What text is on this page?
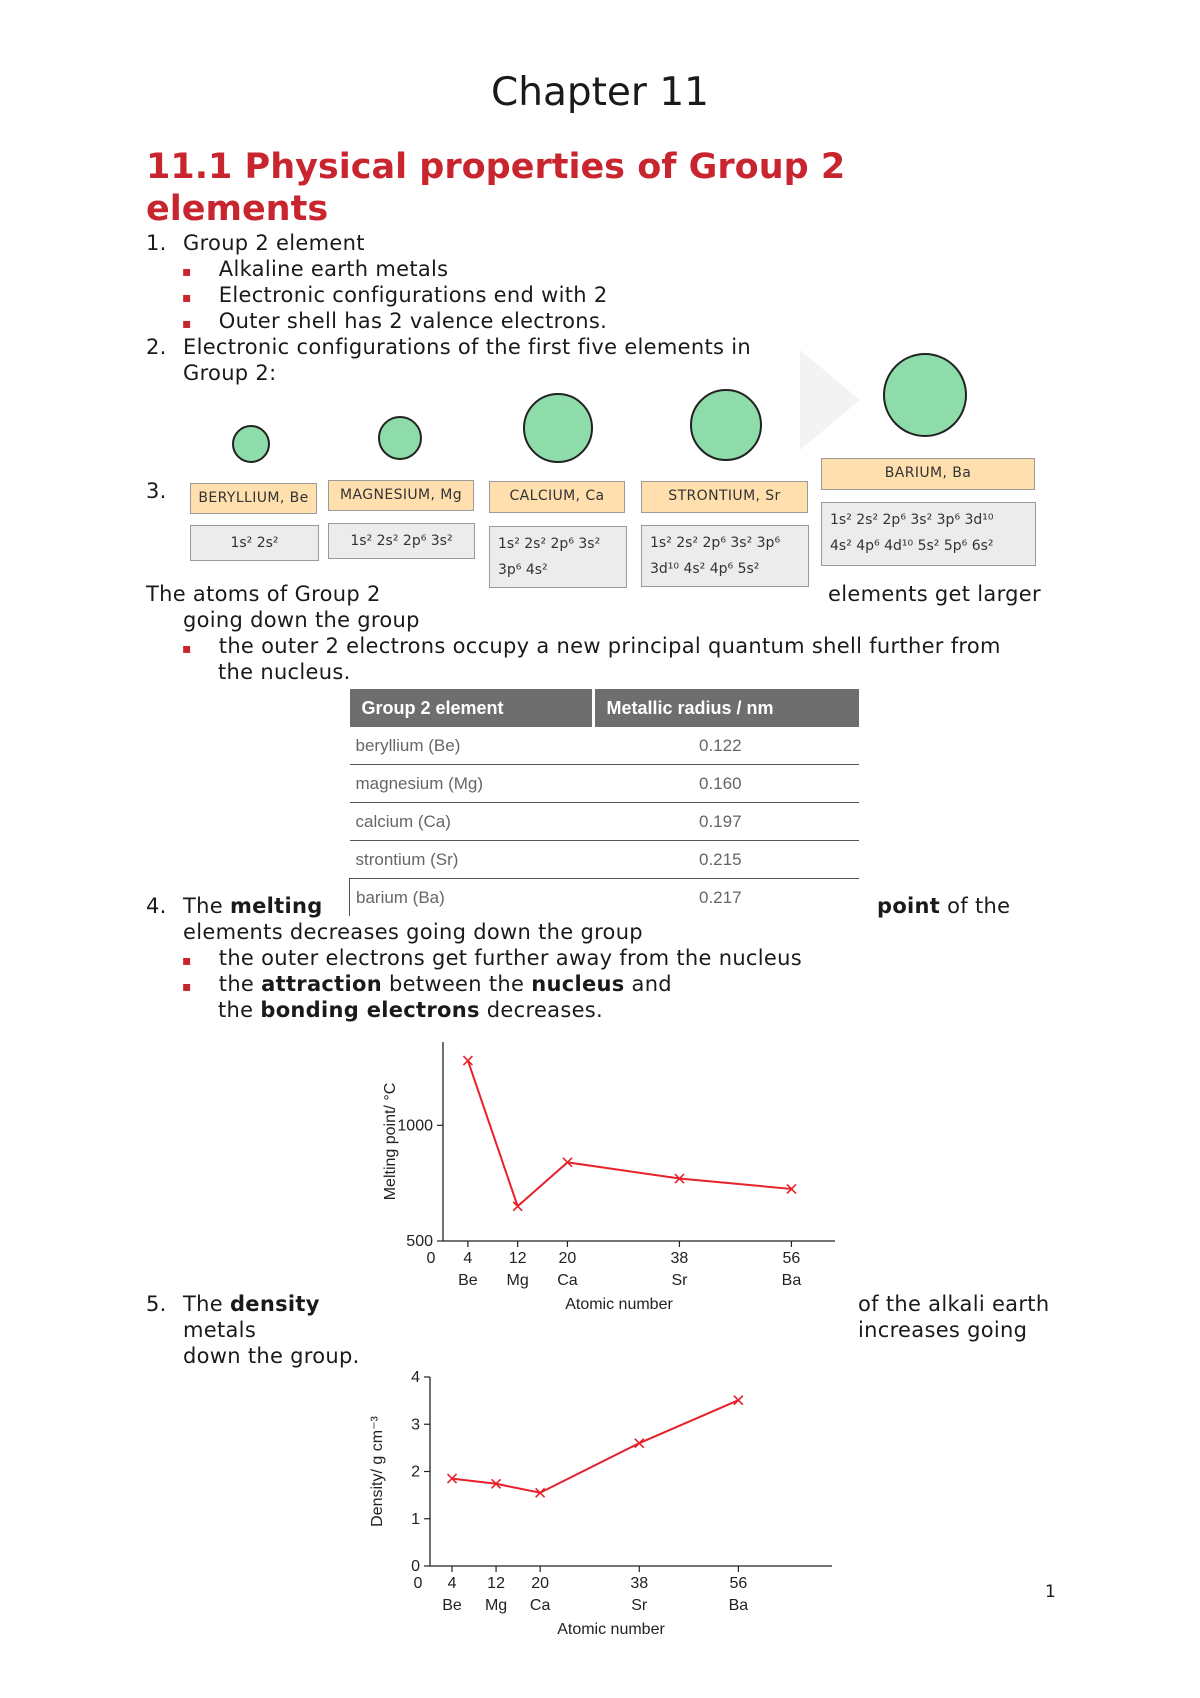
Chapter 11
11.1 Physical properties of Group 2
elements
1. Group 2 element
▪ Alkaline earth metals
▪ Electronic configurations end with 2
▪ Outer shell has 2 valence electrons.
2. Electronic configurations of the first five elements in
Group 2:
BERYLLIUM, Be	MAGNESIUM, Mg	CALCIUM, Ca	STRONTIUM, Sr
BARIUM, Ba
1s² 2s²	1s² 2s² 2p⁶ 3s²	1s² 2s² 2p⁶ 3s²
3p⁶ 4s²
1s² 2s² 2p⁶ 3s² 3p⁶
3d¹⁰ 4s² 4p⁶ 5s²
1s² 2s² 2p⁶ 3s² 3p⁶ 3d¹⁰
4s² 4p⁶ 4d¹⁰ 5s² 5p⁶ 6s²
3.
The atoms of Group 2	elements get larger
going down the group
▪ the outer 2 electrons occupy a new principal quantum shell further from
the nucleus.
Group 2 element	Metallic radius / nm
beryllium (Be)	0.122
magnesium (Mg)	0.160
calcium (Ca)	0.197
strontium (Sr)	0.215
barium (Ba)	0.217
4. The melting	point of the
elements decreases going down the group
▪ the outer electrons get further away from the nucleus
▪ the attraction between the nucleus and
the bonding electrons decreases.
500
1000
0 4
Be
12
Mg
20
Ca
38
Sr
56
Ba
Atomic number
Melting point/ °C
5. The density	of the alkali earth
metals	increases going
down the group.
0
1
2
3
4
0 4
Be
12
Mg
20
Ca
38
Sr
56
Ba
Atomic number
Density/ g cm⁻³
1
